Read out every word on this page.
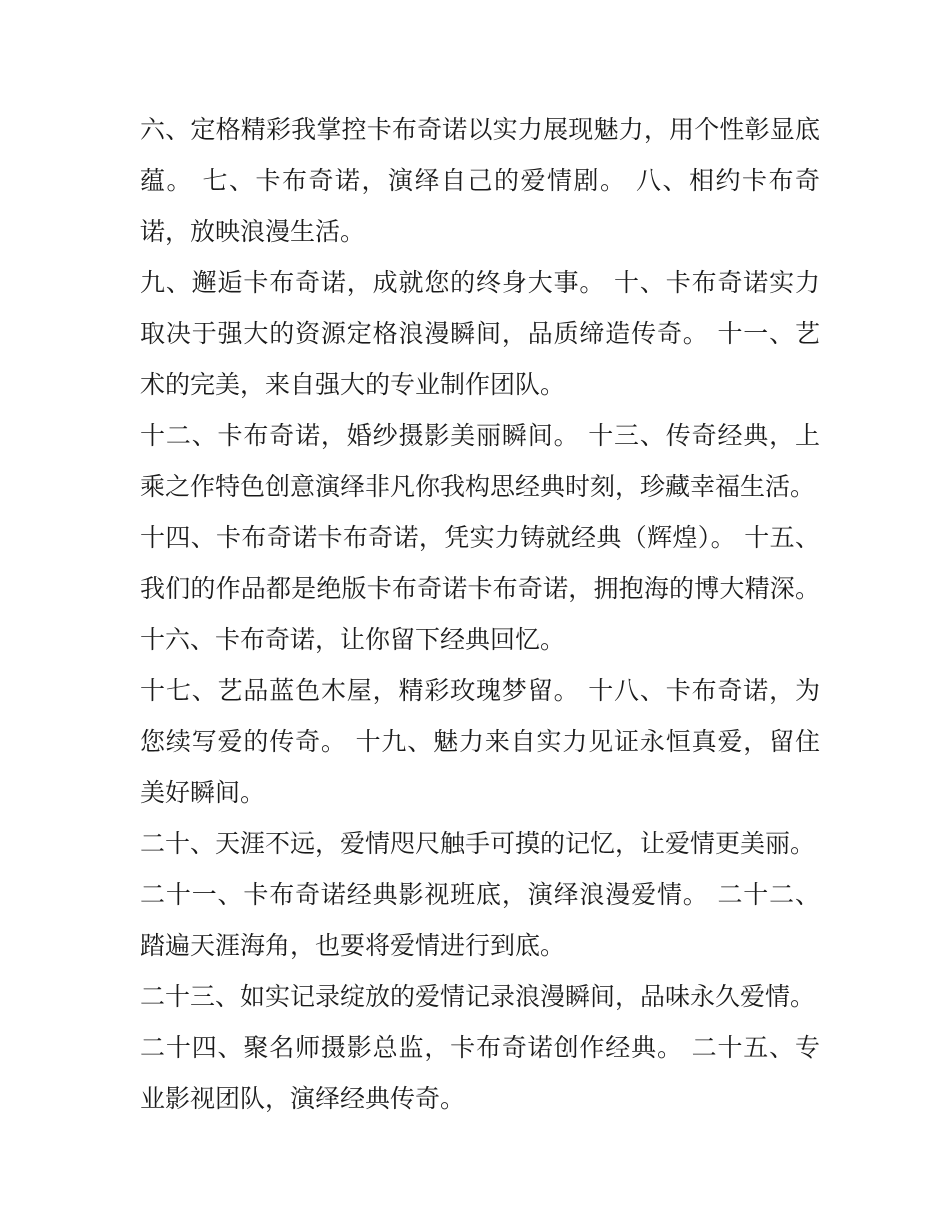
六、定格精彩我掌控卡布奇诺以实力展现魅力，用个性彰显底蕴。 七、卡布奇诺，演绎自己的爱情剧。 八、相约卡布奇诺，放映浪漫生活。

九、邂逅卡布奇诺，成就您的终身大事。 十、卡布奇诺实力取决于强大的资源定格浪漫瞬间，品质缔造传奇。 十一、艺术的完美，来自强大的专业制作团队。

十二、卡布奇诺，婚纱摄影美丽瞬间。 十三、传奇经典，上乘之作特色创意演绎非凡你我构思经典时刻，珍藏幸福生活。

十四、卡布奇诺卡布奇诺，凭实力铸就经典（辉煌）。 十五、我们的作品都是绝版卡布奇诺卡布奇诺，拥抱海的博大精深。 十六、卡布奇诺，让你留下经典回忆。

十七、艺品蓝色木屋，精彩玫瑰梦留。 十八、卡布奇诺，为您续写爱的传奇。 十九、魅力来自实力见证永恒真爱，留住美好瞬间。

二十、天涯不远，爱情咫尺触手可摸的记忆，让爱情更美丽。

二十一、卡布奇诺经典影视班底，演绎浪漫爱情。 二十二、踏遍天涯海角，也要将爱情进行到底。

二十三、如实记录绽放的爱情记录浪漫瞬间，品味永久爱情。

二十四、聚名师摄影总监，卡布奇诺创作经典。 二十五、专业影视团队，演绎经典传奇。
